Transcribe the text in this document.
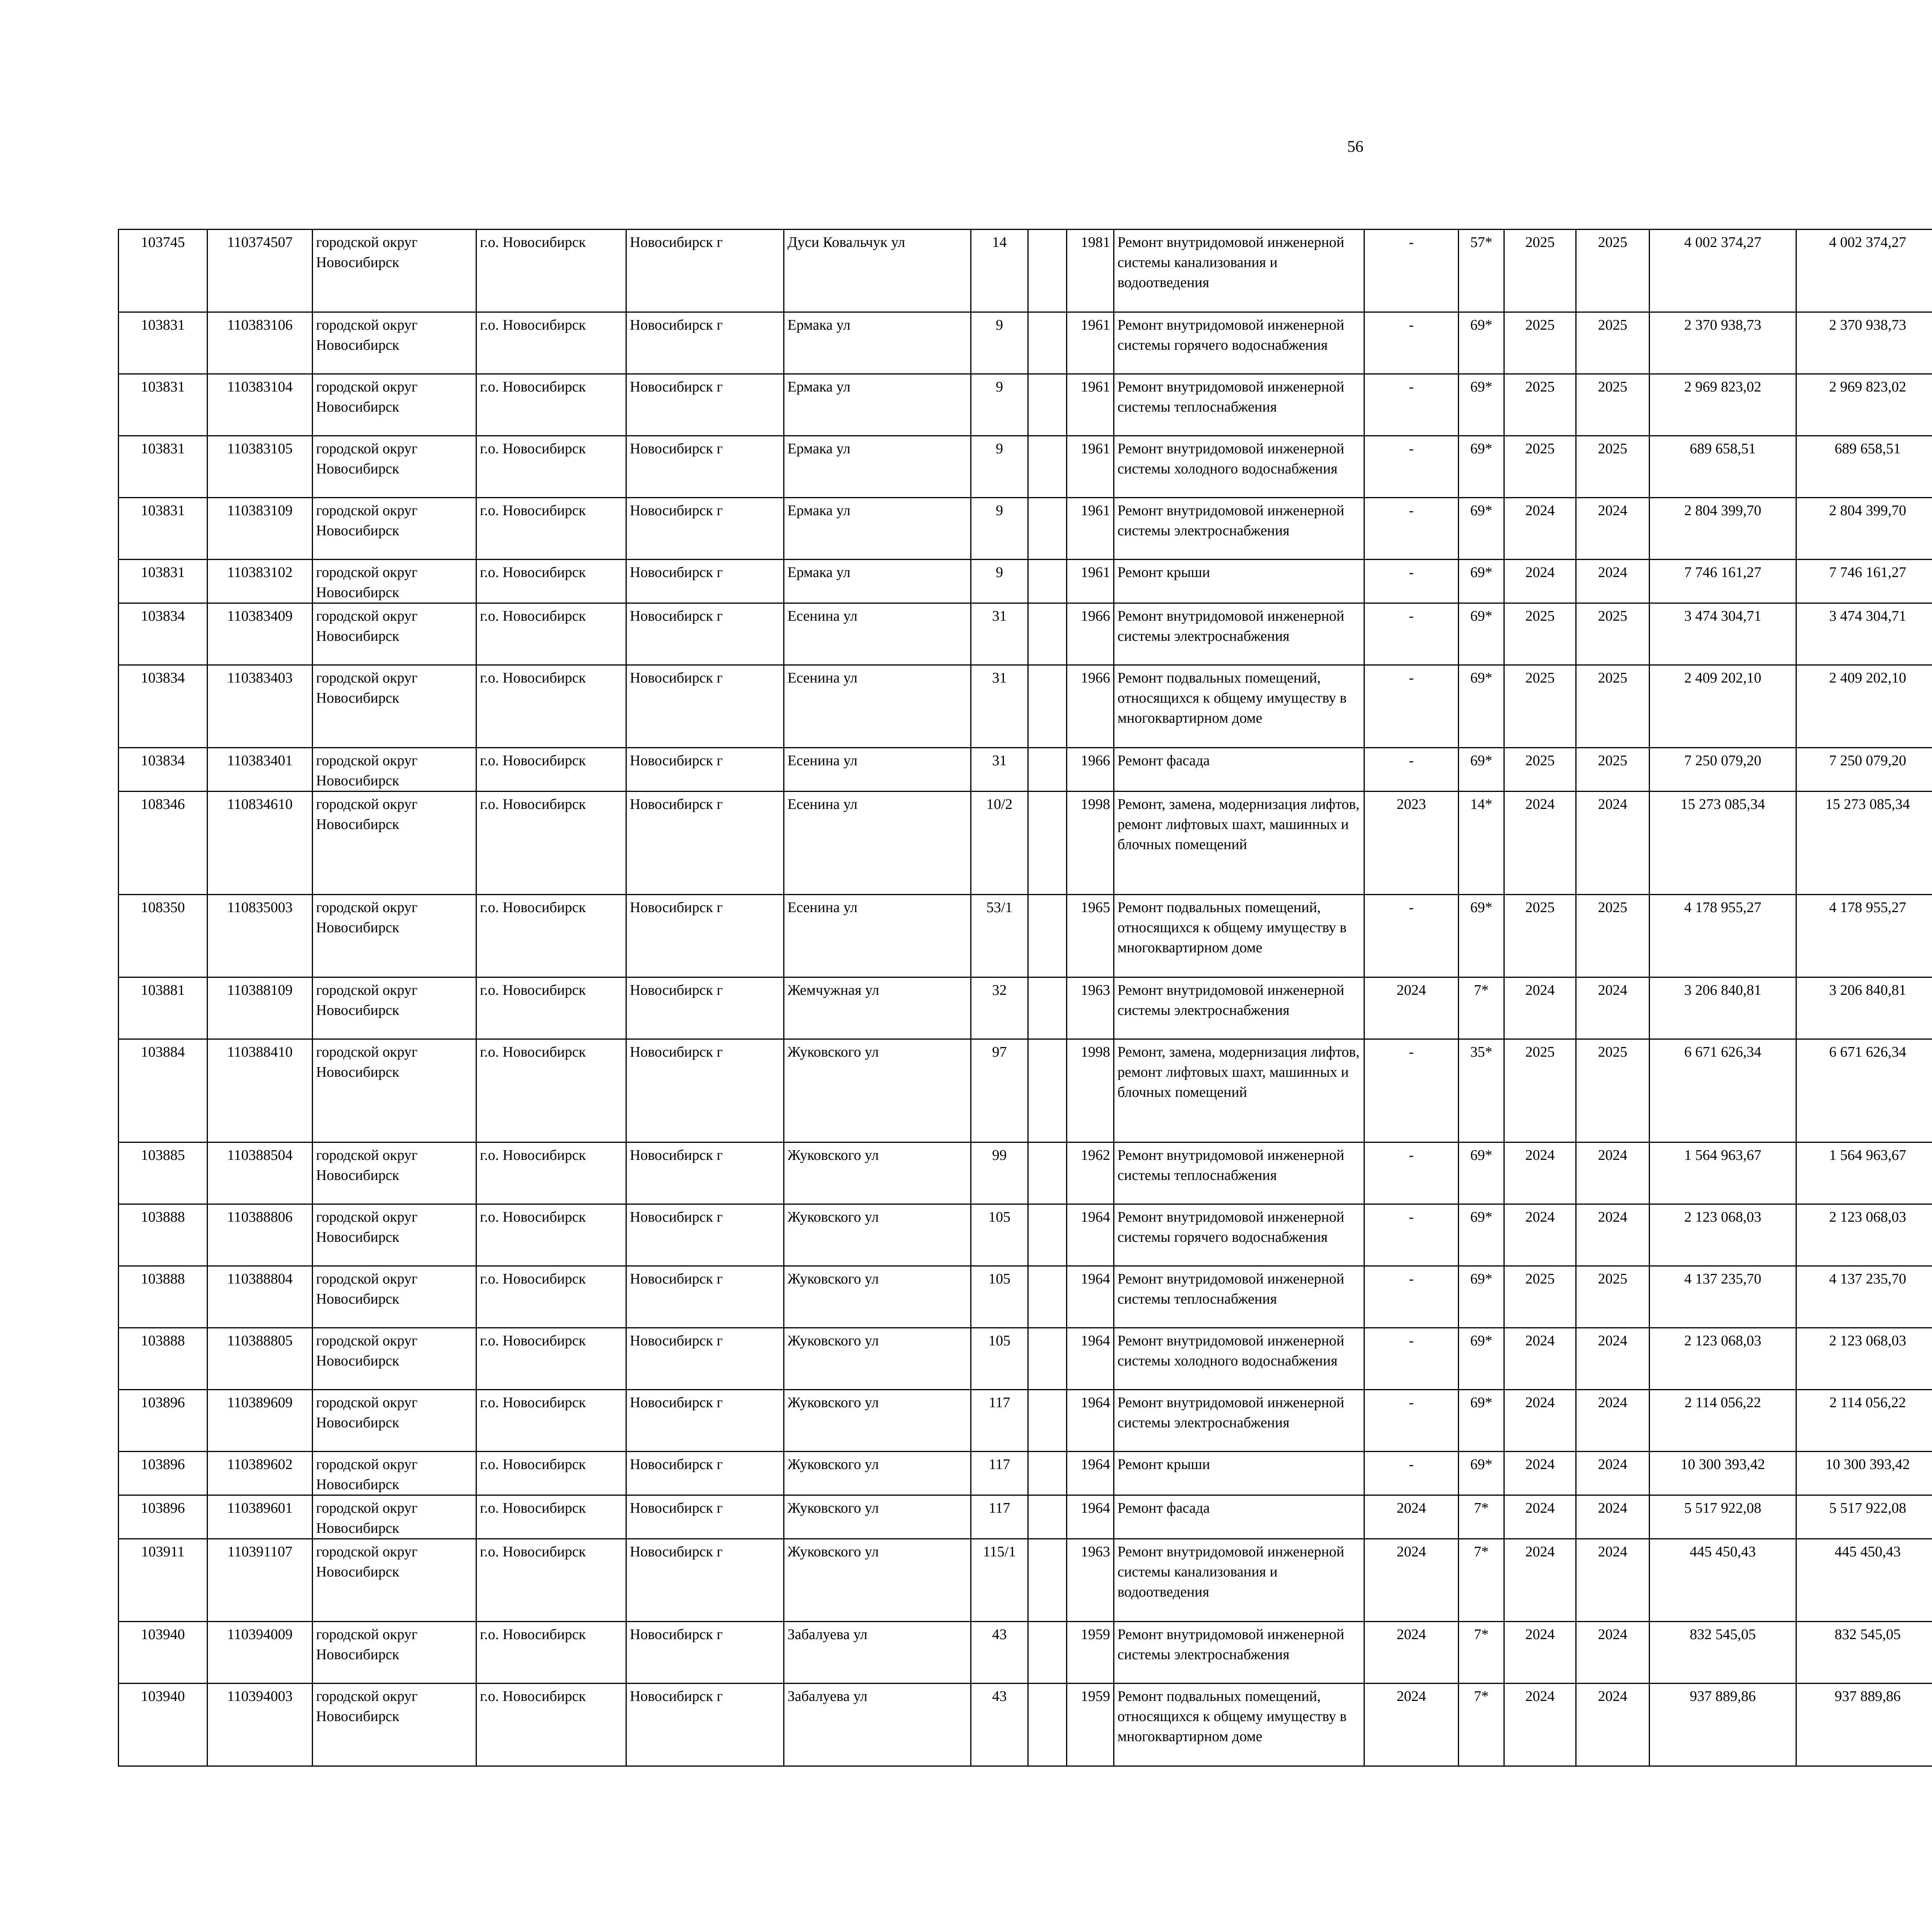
56
103745	110374507	городской округ Новосибирск	г.о. Новосибирск	Новосибирск г	Дуси Ковальчук ул	14		1981	Ремонт внутридомовой инженерной системы канализования и водоотведения	-	57*	2025	2025	4 002 374,27	4 002 374,27						
103831	110383106	городской округ Новосибирск	г.о. Новосибирск	Новосибирск г	Ермака ул	9		1961	Ремонт внутридомовой инженерной системы горячего водоснабжения	-	69*	2025	2025	2 370 938,73	2 370 938,73						
103831	110383104	городской округ Новосибирск	г.о. Новосибирск	Новосибирск г	Ермака ул	9		1961	Ремонт внутридомовой инженерной системы теплоснабжения	-	69*	2025	2025	2 969 823,02	2 969 823,02						
103831	110383105	городской округ Новосибирск	г.о. Новосибирск	Новосибирск г	Ермака ул	9		1961	Ремонт внутридомовой инженерной системы холодного водоснабжения	-	69*	2025	2025	689 658,51	689 658,51						
103831	110383109	городской округ Новосибирск	г.о. Новосибирск	Новосибирск г	Ермака ул	9		1961	Ремонт внутридомовой инженерной системы электроснабжения	-	69*	2024	2024	2 804 399,70	2 804 399,70						
103831	110383102	городской округ Новосибирск	г.о. Новосибирск	Новосибирск г	Ермака ул	9		1961	Ремонт крыши	-	69*	2024	2024	7 746 161,27	7 746 161,27						
103834	110383409	городской округ Новосибирск	г.о. Новосибирск	Новосибирск г	Есенина ул	31		1966	Ремонт внутридомовой инженерной системы электроснабжения	-	69*	2025	2025	3 474 304,71	3 474 304,71						
103834	110383403	городской округ Новосибирск	г.о. Новосибирск	Новосибирск г	Есенина ул	31		1966	Ремонт подвальных помещений, относящихся к общему имуществу в многоквартирном доме	-	69*	2025	2025	2 409 202,10	2 409 202,10						
103834	110383401	городской округ Новосибирск	г.о. Новосибирск	Новосибирск г	Есенина ул	31		1966	Ремонт фасада	-	69*	2025	2025	7 250 079,20	7 250 079,20						
108346	110834610	городской округ Новосибирск	г.о. Новосибирск	Новосибирск г	Есенина ул	10/2		1998	Ремонт, замена, модернизация лифтов, ремонт лифтовых шахт, машинных и блочных помещений	2023	14*	2024	2024	15 273 085,34	15 273 085,34						
108350	110835003	городской округ Новосибирск	г.о. Новосибирск	Новосибирск г	Есенина ул	53/1		1965	Ремонт подвальных помещений, относящихся к общему имуществу в многоквартирном доме	-	69*	2025	2025	4 178 955,27	4 178 955,27						
103881	110388109	городской округ Новосибирск	г.о. Новосибирск	Новосибирск г	Жемчужная ул	32		1963	Ремонт внутридомовой инженерной системы электроснабжения	2024	7*	2024	2024	3 206 840,81	3 206 840,81						
103884	110388410	городской округ Новосибирск	г.о. Новосибирск	Новосибирск г	Жуковского ул	97		1998	Ремонт, замена, модернизация лифтов, ремонт лифтовых шахт, машинных и блочных помещений	-	35*	2025	2025	6 671 626,34	6 671 626,34						
103885	110388504	городской округ Новосибирск	г.о. Новосибирск	Новосибирск г	Жуковского ул	99		1962	Ремонт внутридомовой инженерной системы теплоснабжения	-	69*	2024	2024	1 564 963,67	1 564 963,67						
103888	110388806	городской округ Новосибирск	г.о. Новосибирск	Новосибирск г	Жуковского ул	105		1964	Ремонт внутридомовой инженерной системы горячего водоснабжения	-	69*	2024	2024	2 123 068,03	2 123 068,03						
103888	110388804	городской округ Новосибирск	г.о. Новосибирск	Новосибирск г	Жуковского ул	105		1964	Ремонт внутридомовой инженерной системы теплоснабжения	-	69*	2025	2025	4 137 235,70	4 137 235,70						
103888	110388805	городской округ Новосибирск	г.о. Новосибирск	Новосибирск г	Жуковского ул	105		1964	Ремонт внутридомовой инженерной системы холодного водоснабжения	-	69*	2024	2024	2 123 068,03	2 123 068,03						
103896	110389609	городской округ Новосибирск	г.о. Новосибирск	Новосибирск г	Жуковского ул	117		1964	Ремонт внутридомовой инженерной системы электроснабжения	-	69*	2024	2024	2 114 056,22	2 114 056,22						
103896	110389602	городской округ Новосибирск	г.о. Новосибирск	Новосибирск г	Жуковского ул	117		1964	Ремонт крыши	-	69*	2024	2024	10 300 393,42	10 300 393,42						
103896	110389601	городской округ Новосибирск	г.о. Новосибирск	Новосибирск г	Жуковского ул	117		1964	Ремонт фасада	2024	7*	2024	2024	5 517 922,08	5 517 922,08						
103911	110391107	городской округ Новосибирск	г.о. Новосибирск	Новосибирск г	Жуковского ул	115/1		1963	Ремонт внутридомовой инженерной системы канализования и водоотведения	2024	7*	2024	2024	445 450,43	445 450,43						
103940	110394009	городской округ Новосибирск	г.о. Новосибирск	Новосибирск г	Забалуева ул	43		1959	Ремонт внутридомовой инженерной системы электроснабжения	2024	7*	2024	2024	832 545,05	832 545,05						
103940	110394003	городской округ Новосибирск	г.о. Новосибирск	Новосибирск г	Забалуева ул	43		1959	Ремонт подвальных помещений, относящихся к общему имуществу в многоквартирном доме	2024	7*	2024	2024	937 889,86	937 889,86						
